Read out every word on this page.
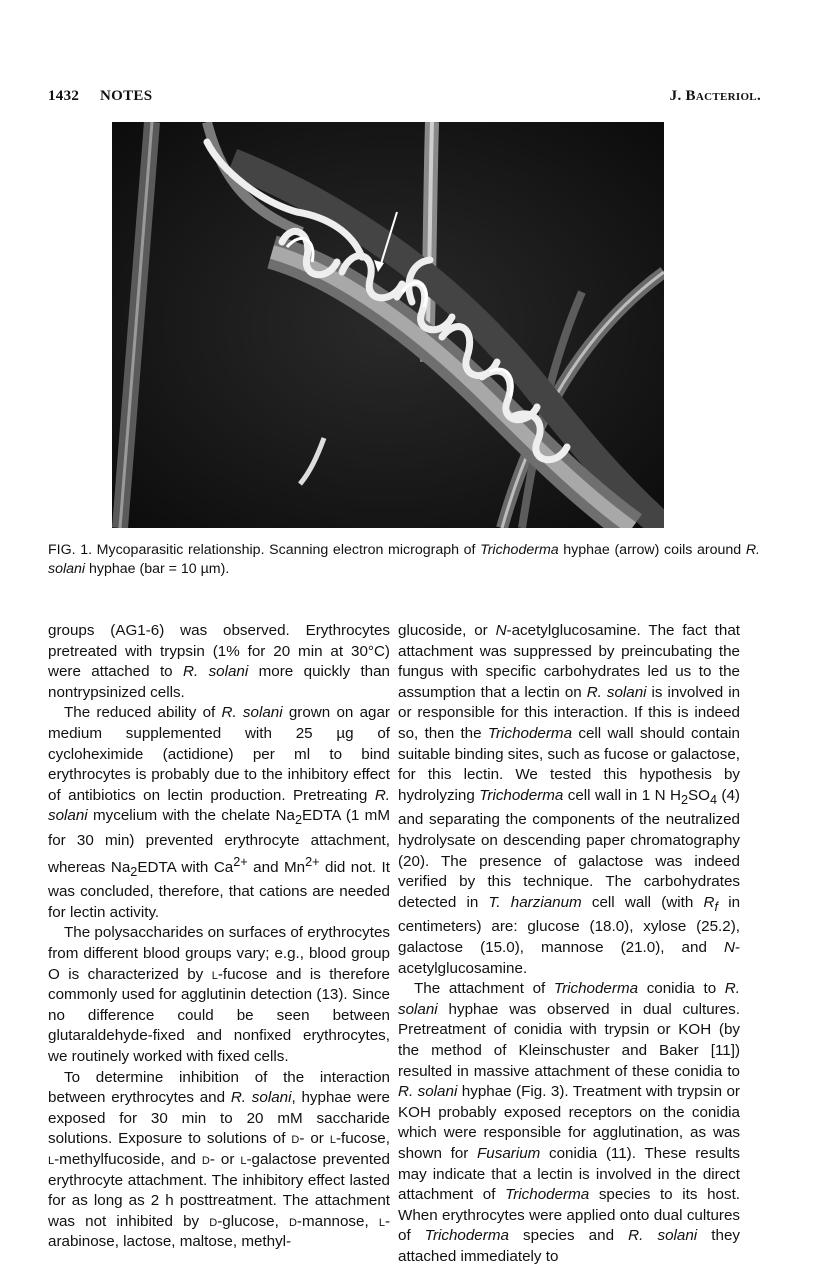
1432 NOTES	J. Bacteriol.
FIG. 1. Mycoparasitic relationship. Scanning electron micrograph of Trichoderma hyphae (arrow) coils around R. solani hyphae (bar = 10 µm).

groups (AG1-6) was observed. Erythrocytes pretreated with trypsin (1% for 20 min at 30°C) were attached to R. solani more quickly than nontrypsinized cells.

The reduced ability of R. solani grown on agar medium supplemented with 25 µg of cycloheximide (actidione) per ml to bind erythrocytes is probably due to the inhibitory effect of antibiotics on lectin production. Pretreating R. solani mycelium with the chelate $Na_2EDTA$ (1 mM for 30 min) prevented erythrocyte attachment, whereas $Na_2EDTA$ with $Ca^{2+}$ and $Mn^{2+}$ did not. It was concluded, therefore, that cations are needed for lectin activity.

The polysaccharides on surfaces of erythrocytes from different blood groups vary; e.g., blood group O is characterized by l-fucose and is therefore commonly used for agglutinin detection (13). Since no difference could be seen between glutaraldehyde-fixed and nonfixed erythrocytes, we routinely worked with fixed cells.

To determine inhibition of the interaction between erythrocytes and R. solani, hyphae were exposed for 30 min to 20 mM saccharide solutions. Exposure to solutions of d- or l-fucose, l-methylfucoside, and d- or l-galactose prevented erythrocyte attachment. The inhibitory effect lasted for as long as 2 h posttreatment. The attachment was not inhibited by d-glucose, d-mannose, l-arabinose, lactose, maltose, methyl-

glucoside, or N-acetylglucosamine. The fact that attachment was suppressed by preincubating the fungus with specific carbohydrates led us to the assumption that a lectin on R. solani is involved in or responsible for this interaction. If this is indeed so, then the Trichoderma cell wall should contain suitable binding sites, such as fucose or galactose, for this lectin. We tested this hypothesis by hydrolyzing Trichoderma cell wall in 1 N $H_2SO_4$ (4) and separating the components of the neutralized hydrolysate on descending paper chromatography (20). The presence of galactose was indeed verified by this technique. The carbohydrates detected in T. harzianum cell wall (with $R_f$ in centimeters) are: glucose (18.0), xylose (25.2), galactose (15.0), mannose (21.0), and N-acetylglucosamine.

The attachment of Trichoderma conidia to R. solani hyphae was observed in dual cultures. Pretreatment of conidia with trypsin or KOH (by the method of Kleinschuster and Baker [11]) resulted in massive attachment of these conidia to R. solani hyphae (Fig. 3). Treatment with trypsin or KOH probably exposed receptors on the conidia which were responsible for agglutination, as was shown for Fusarium conidia (11). These results may indicate that a lectin is involved in the direct attachment of Trichoderma species to its host. When erythrocytes were applied onto dual cultures of Trichoderma species and R. solani they attached immediately to
